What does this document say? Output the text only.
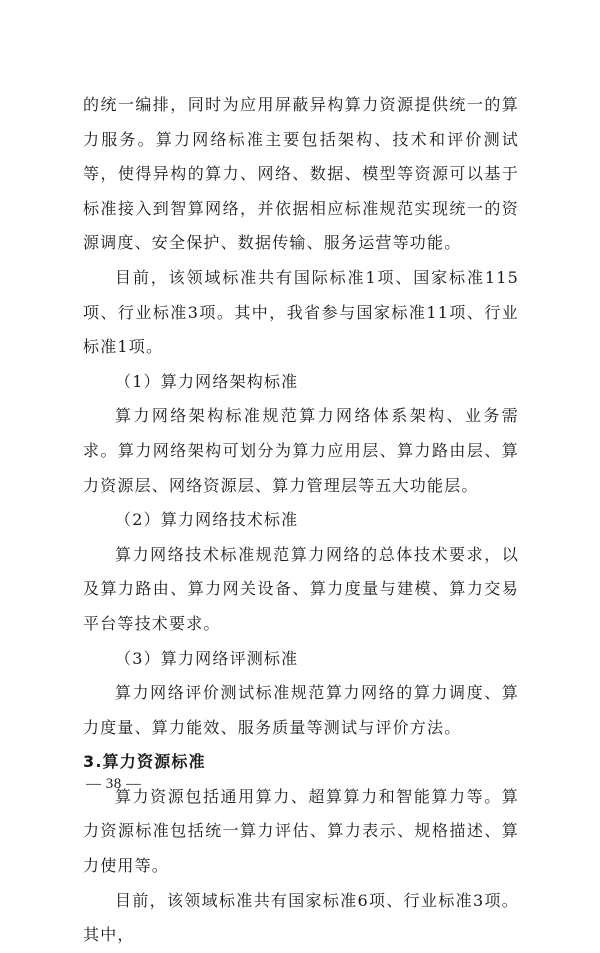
的统一编排，同时为应用屏蔽异构算力资源提供统一的算力服务。算力网络标准主要包括架构、技术和评价测试等，使得异构的算力、网络、数据、模型等资源可以基于标准接入到智算网络，并依据相应标准规范实现统一的资源调度、安全保护、数据传输、服务运营等功能。

目前，该领域标准共有国际标准1项、国家标准115项、行业标准3项。其中，我省参与国家标准11项、行业标准1项。

（1）算力网络架构标准

算力网络架构标准规范算力网络体系架构、业务需求。算力网络架构可划分为算力应用层、算力路由层、算力资源层、网络资源层、算力管理层等五大功能层。

（2）算力网络技术标准

算力网络技术标准规范算力网络的总体技术要求，以及算力路由、算力网关设备、算力度量与建模、算力交易平台等技术要求。

（3）算力网络评测标准

算力网络评价测试标准规范算力网络的算力调度、算力度量、算力能效、服务质量等测试与评价方法。

3.算力资源标准

算力资源包括通用算力、超算算力和智能算力等。算力资源标准包括统一算力评估、算力表示、规格描述、算力使用等。

目前，该领域标准共有国家标准6项、行业标准3项。其中，

— 38 —
